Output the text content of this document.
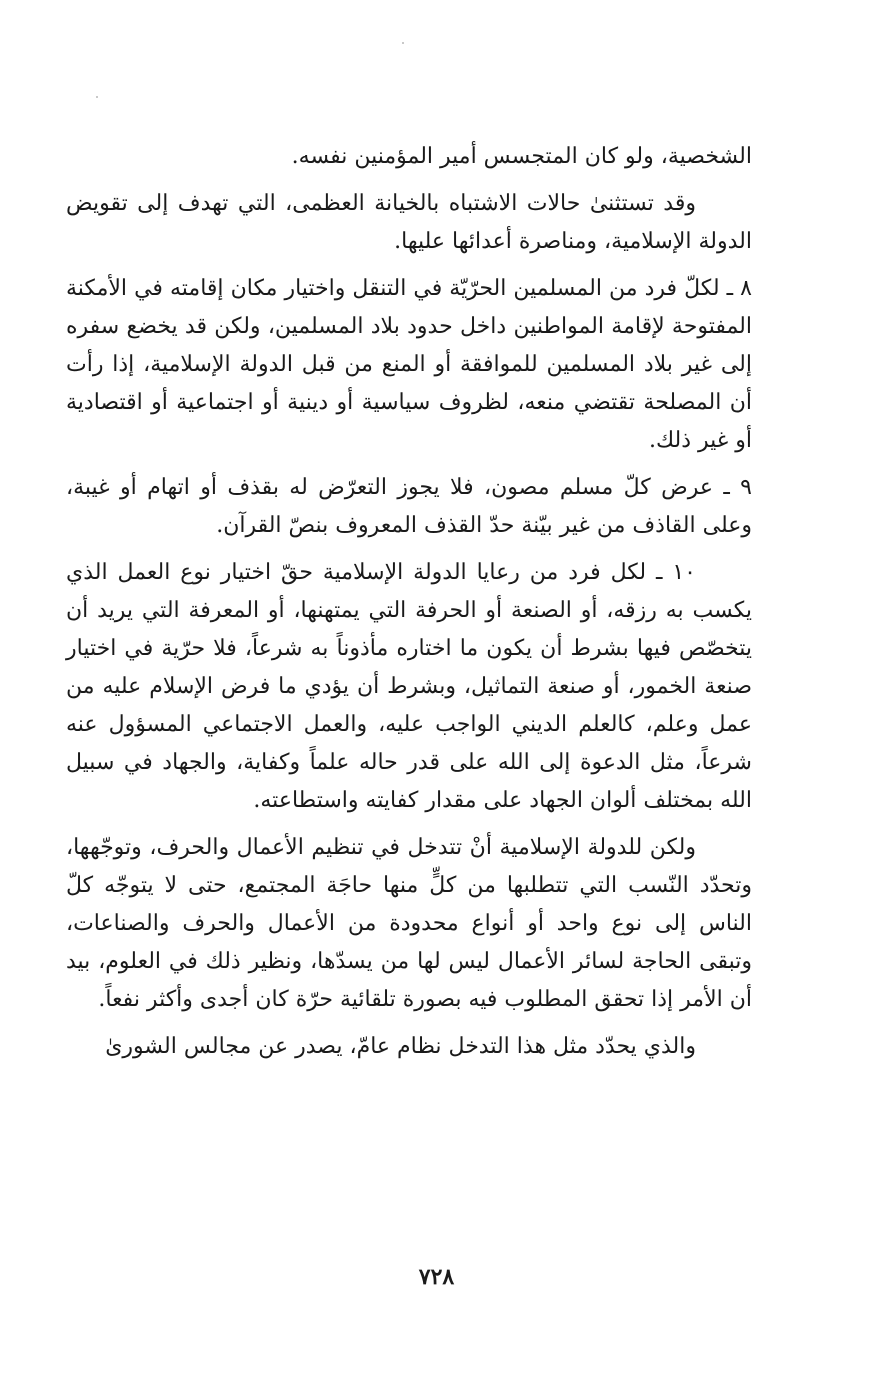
الشخصية، ولو كان المتجسس أمير المؤمنين نفسه.

وقد تستثنىٰ حالات الاشتباه بالخيانة العظمى، التي تهدف إلى تقويض الدولة الإسلامية، ومناصرة أعدائها عليها.

٨ ـ لكلّ فرد من المسلمين الحرّيّة في التنقل واختيار مكان إقامته في الأمكنة المفتوحة لإقامة المواطنين داخل حدود بلاد المسلمين، ولكن قد يخضع سفره إلى غير بلاد المسلمين للموافقة أو المنع من قبل الدولة الإسلامية، إذا رأت أن المصلحة تقتضي منعه، لظروف سياسية أو دينية أو اجتماعية أو اقتصادية أو غير ذلك.

٩ ـ عرض كلّ مسلم مصون، فلا يجوز التعرّض له بقذف أو اتهام أو غيبة، وعلى القاذف من غير بيّنة حدّ القذف المعروف بنصّ القرآن.

١٠ ـ لكل فرد من رعايا الدولة الإسلامية حقّ اختيار نوع العمل الذي يكسب به رزقه، أو الصنعة أو الحرفة التي يمتهنها، أو المعرفة التي يريد أن يتخصّص فيها بشرط أن يكون ما اختاره مأذوناً به شرعاً، فلا حرّية في اختيار صنعة الخمور، أو صنعة التماثيل، وبشرط أن يؤدي ما فرض الإسلام عليه من عمل وعلم، كالعلم الديني الواجب عليه، والعمل الاجتماعي المسؤول عنه شرعاً، مثل الدعوة إلى الله على قدر حاله علماً وكفاية، والجهاد في سبيل الله بمختلف ألوان الجهاد على مقدار كفايته واستطاعته.

ولكن للدولة الإسلامية أنْ تتدخل في تنظيم الأعمال والحرف، وتوجّهها، وتحدّد النّسب التي تتطلبها من كلٍّ منها حاجَة المجتمع، حتى لا يتوجّه كلّ الناس إلى نوع واحد أو أنواع محدودة من الأعمال والحرف والصناعات، وتبقى الحاجة لسائر الأعمال ليس لها من يسدّها، ونظير ذلك في العلوم، بيد أن الأمر إذا تحقق المطلوب فيه بصورة تلقائية حرّة كان أجدى وأكثر نفعاً.

والذي يحدّد مثل هذا التدخل نظام عامّ، يصدر عن مجالس الشورىٰ

٧٢٨
